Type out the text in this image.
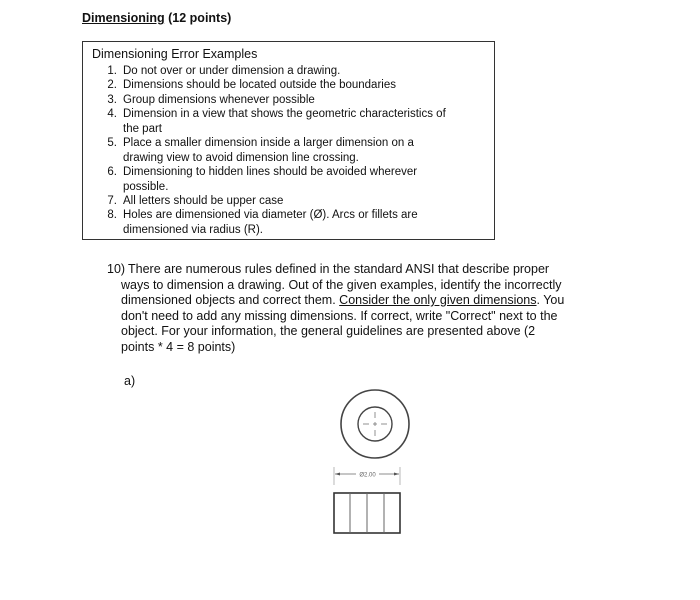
Dimensioning (12 points)
Dimensioning Error Examples
1. Do not over or under dimension a drawing.
2. Dimensions should be located outside the boundaries
3. Group dimensions whenever possible
4. Dimension in a view that shows the geometric characteristics of
the part
5. Place a smaller dimension inside a larger dimension on a
drawing view to avoid dimension line crossing.
6. Dimensioning to hidden lines should be avoided wherever
possible.
7. All letters should be upper case
8. Holes are dimensioned via diameter (Ø). Arcs or fillets are
dimensioned via radius (R).
10) There are numerous rules defined in the standard ANSI that describe proper
ways to dimension a drawing. Out of the given examples, identify the incorrectly
dimensioned objects and correct them. Consider the only given dimensions. You
don't need to add any missing dimensions. If correct, write "Correct" next to the
object. For your information, the general guidelines are presented above (2
points * 4 = 8 points)
a)
Ø2.00
